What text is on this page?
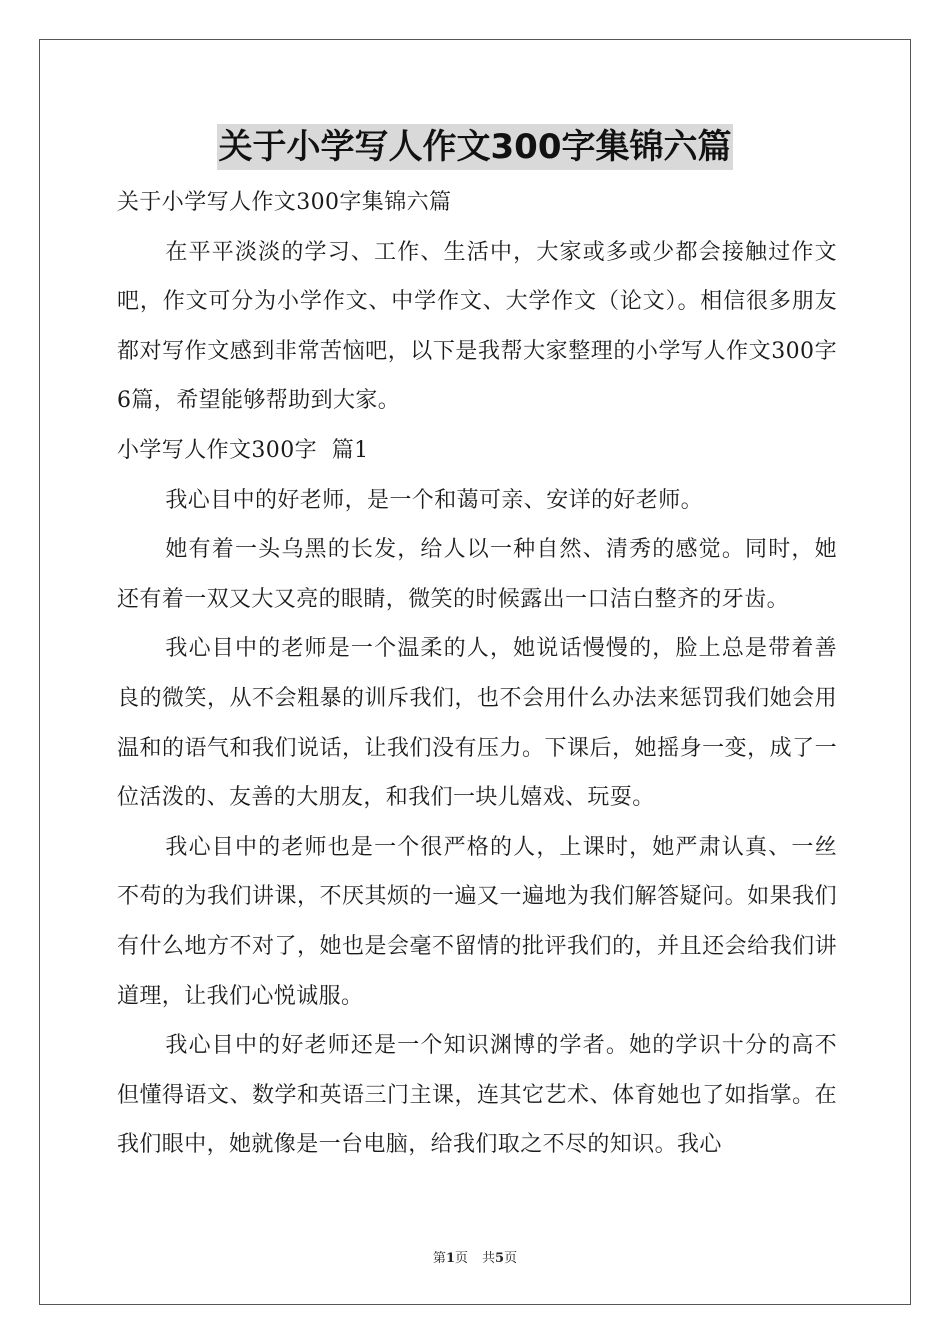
关于小学写人作文300字集锦六篇

关于小学写人作文300字集锦六篇

在平平淡淡的学习、工作、生活中，大家或多或少都会接触过作文吧，作文可分为小学作文、中学作文、大学作文（论文）。相信很多朋友都对写作文感到非常苦恼吧，以下是我帮大家整理的小学写人作文300字6篇，希望能够帮助到大家。

小学写人作文300字  篇1

我心目中的好老师，是一个和蔼可亲、安详的好老师。

她有着一头乌黑的长发，给人以一种自然、清秀的感觉。同时，她还有着一双又大又亮的眼睛，微笑的时候露出一口洁白整齐的牙齿。

我心目中的老师是一个温柔的人，她说话慢慢的，脸上总是带着善良的微笑，从不会粗暴的训斥我们，也不会用什么办法来惩罚我们她会用温和的语气和我们说话，让我们没有压力。下课后，她摇身一变，成了一位活泼的、友善的大朋友，和我们一块儿嬉戏、玩耍。

我心目中的老师也是一个很严格的人，上课时，她严肃认真、一丝不苟的为我们讲课，不厌其烦的一遍又一遍地为我们解答疑问。如果我们有什么地方不对了，她也是会毫不留情的批评我们的，并且还会给我们讲道理，让我们心悦诚服。

我心目中的好老师还是一个知识渊博的学者。她的学识十分的高不但懂得语文、数学和英语三门主课，连其它艺术、体育她也了如指掌。在我们眼中，她就像是一台电脑，给我们取之不尽的知识。我心

第1页 共5页
